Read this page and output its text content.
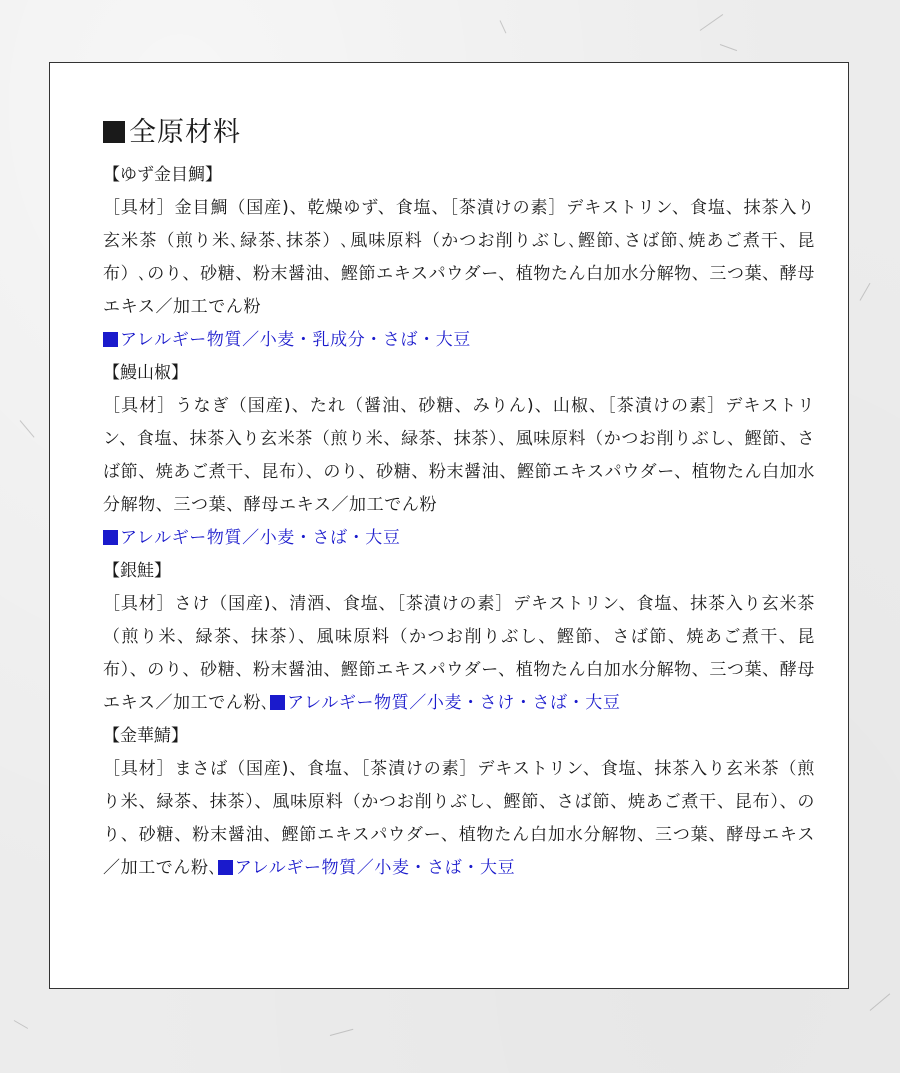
全原材料
【ゆず金目鯛】
［具材］金目鯛（国産)、乾燥ゆず、食塩、［茶漬けの素］デキストリン、食塩、抹茶入り玄米茶（煎り米､緑茶､抹茶）､風味原料（かつお削りぶし､鰹節､さば節､焼あご煮干、昆布）､のり、砂糖、粉末醤油、鰹節エキスパウダー、植物たん白加水分解物、三つ葉、酵母エキス／加工でん粉
アレルギー物質／小麦・乳成分・さば・大豆
【鰻山椒】
［具材］うなぎ（国産)、たれ（醤油、砂糖、みりん)、山椒、［茶漬けの素］デキストリン、食塩、抹茶入り玄米茶（煎り米、緑茶、抹茶）、風味原料（かつお削りぶし、鰹節、さば節、焼あご煮干、昆布）、のり、砂糖、粉末醤油、鰹節エキスパウダー、植物たん白加水分解物、三つ葉、酵母エキス／加工でん粉
アレルギー物質／小麦・さば・大豆
【銀鮭】
［具材］さけ（国産)、清酒、食塩、［茶漬けの素］デキストリン、食塩、抹茶入り玄米茶（煎り米、緑茶、抹茶）、風味原料（かつお削りぶし、鰹節、さば節、焼あご煮干、昆布）、のり、砂糖、粉末醤油、鰹節エキスパウダー、植物たん白加水分解物、三つ葉、酵母エキス／加工でん粉､ アレルギー物質／小麦・さけ・さば・大豆
【金華鯖】
［具材］まさば（国産)、食塩、［茶漬けの素］デキストリン、食塩、抹茶入り玄米茶（煎り米、緑茶、抹茶）、風味原料（かつお削りぶし、鰹節、さば節、焼あご煮干、昆布）、のり、砂糖、粉末醤油、鰹節エキスパウダー、植物たん白加水分解物、三つ葉、酵母エキス／加工でん粉､ アレルギー物質／小麦・さば・大豆
